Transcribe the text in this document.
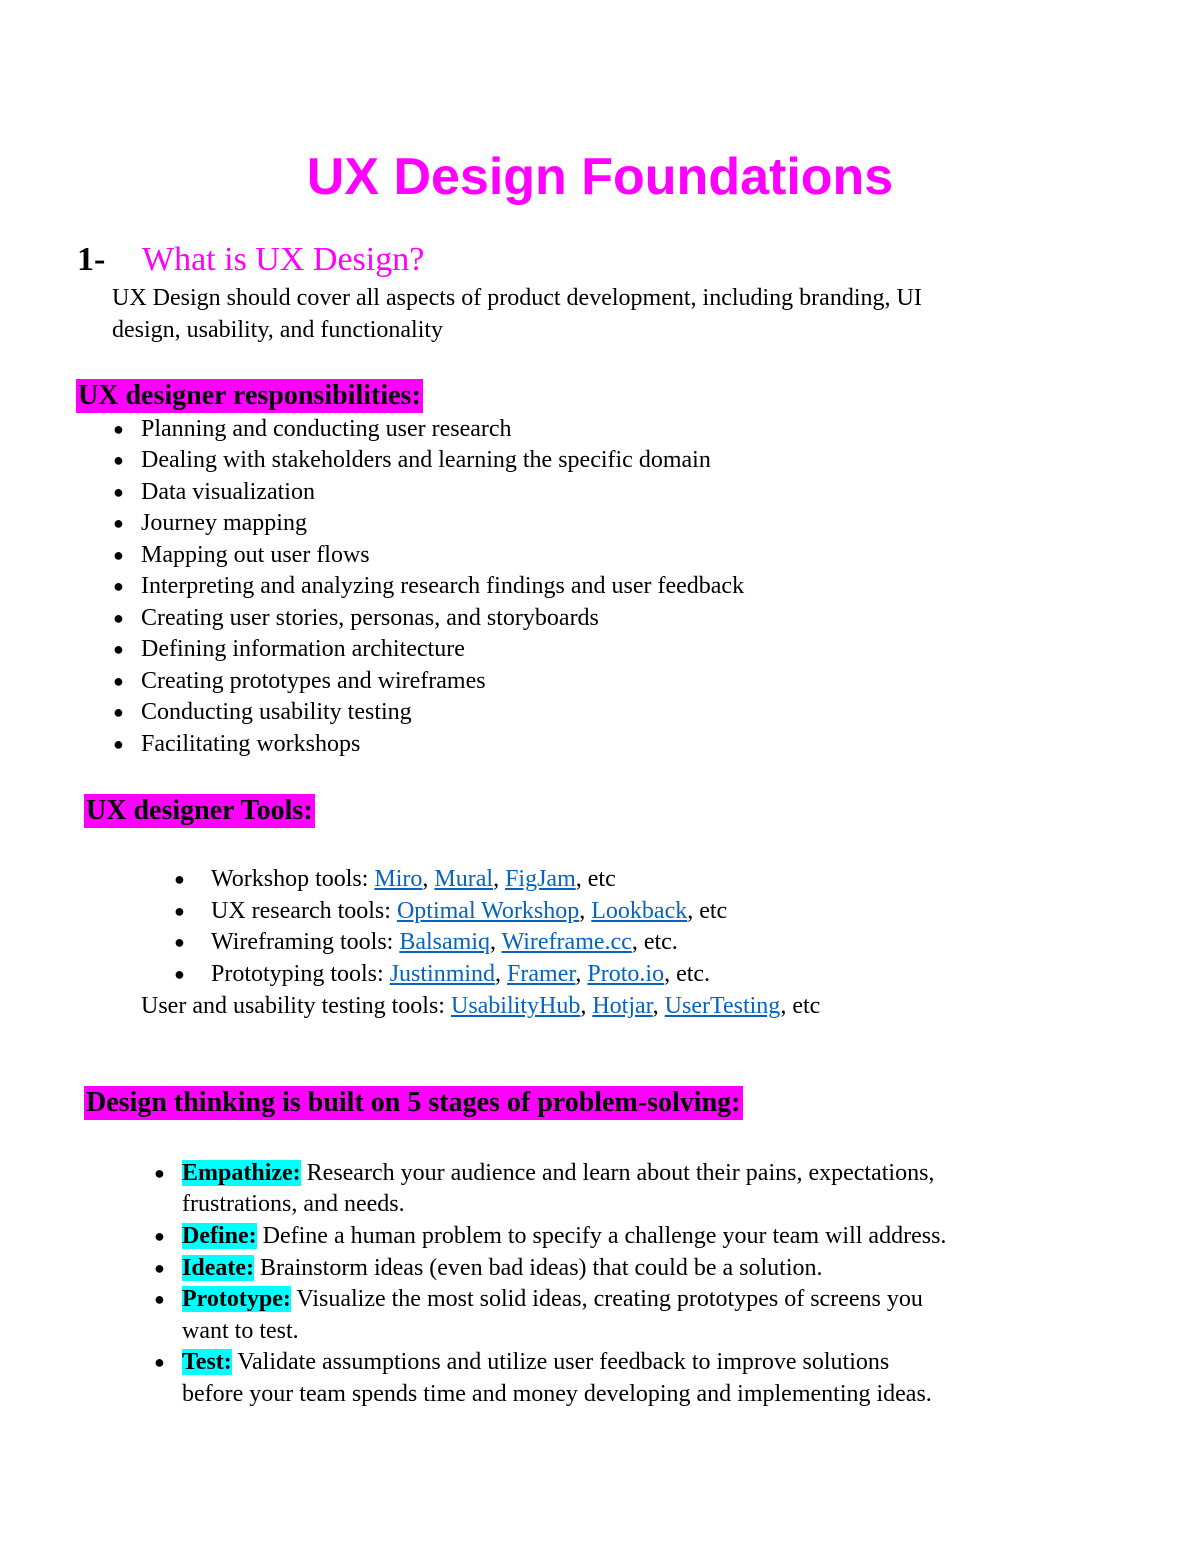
UX Design Foundations
1- What is UX Design?
UX Design should cover all aspects of product development, including branding, UI
design, usability, and functionality
UX designer responsibilities:
● Planning and conducting user research
● Dealing with stakeholders and learning the specific domain
● Data visualization
● Journey mapping
● Mapping out user flows
● Interpreting and analyzing research findings and user feedback
● Creating user stories, personas, and storyboards
● Defining information architecture
● Creating prototypes and wireframes
● Conducting usability testing
● Facilitating workshops
UX designer Tools:
● Workshop tools: Miro, Mural, FigJam, etc
● UX research tools: Optimal Workshop, Lookback, etc
● Wireframing tools: Balsamiq, Wireframe.cc, etc.
● Prototyping tools: Justinmind, Framer, Proto.io, etc.
User and usability testing tools: UsabilityHub, Hotjar, UserTesting, etc
Design thinking is built on 5 stages of problem-solving:
● Empathize: Research your audience and learn about their pains, expectations,
frustrations, and needs.
● Define: Define a human problem to specify a challenge your team will address.
● Ideate: Brainstorm ideas (even bad ideas) that could be a solution.
● Prototype: Visualize the most solid ideas, creating prototypes of screens you
want to test.
● Test: Validate assumptions and utilize user feedback to improve solutions
before your team spends time and money developing and implementing ideas.
